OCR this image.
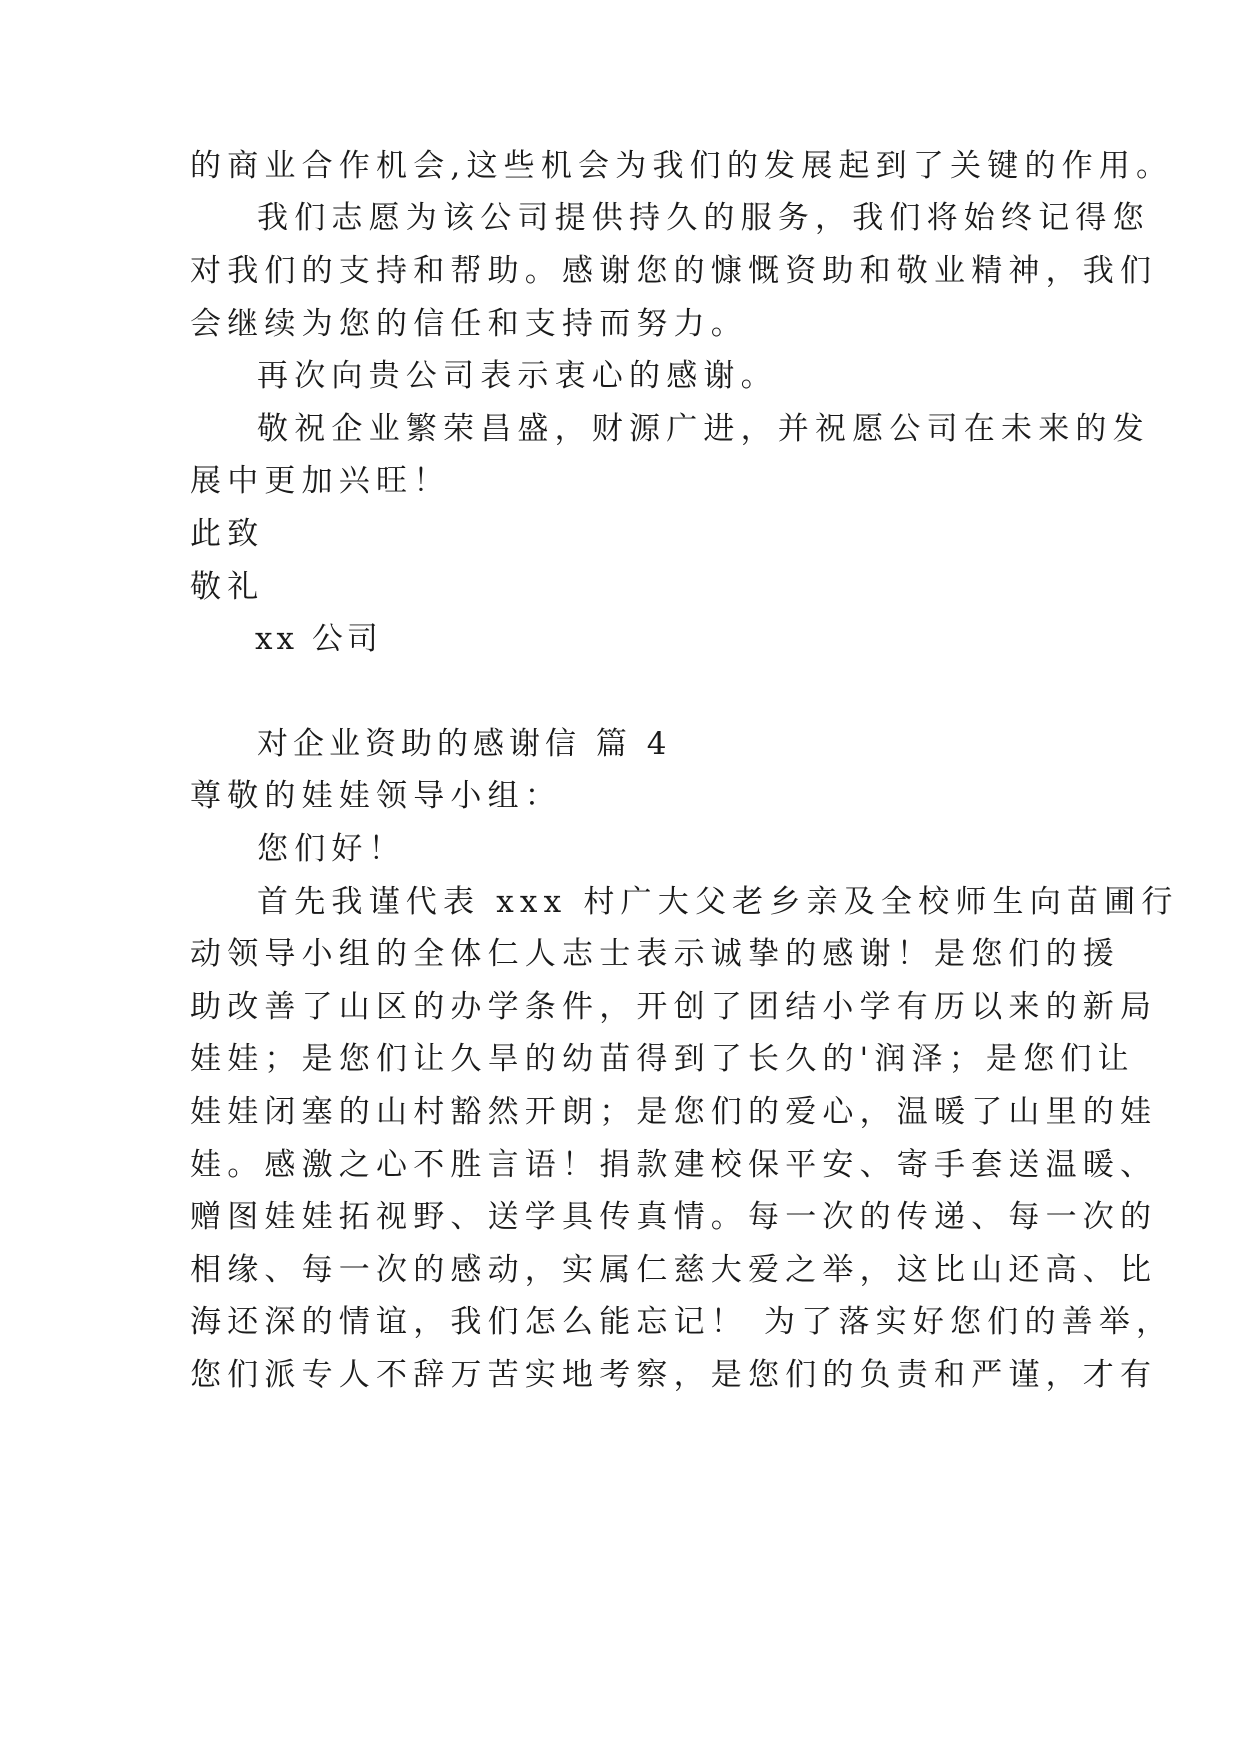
的商业合作机会,这些机会为我们的发展起到了关键的作用。
我们志愿为该公司提供持久的服务，我们将始终记得您
对我们的支持和帮助。感谢您的慷慨资助和敬业精神，我们
会继续为您的信任和支持而努力。
再次向贵公司表示衷心的感谢。
敬祝企业繁荣昌盛，财源广进，并祝愿公司在未来的发
展中更加兴旺！
此致
敬礼
xx 公司
对企业资助的感谢信 篇 4
尊敬的娃娃领导小组：
您们好！
首先我谨代表 xxx 村广大父老乡亲及全校师生向苗圃行
动领导小组的全体仁人志士表示诚挚的感谢！是您们的援
助改善了山区的办学条件，开创了团结小学有历以来的新局
娃娃；是您们让久旱的幼苗得到了长久的'润泽；是您们让
娃娃闭塞的山村豁然开朗；是您们的爱心，温暖了山里的娃
娃。感激之心不胜言语！捐款建校保平安、寄手套送温暖、
赠图娃娃拓视野、送学具传真情。每一次的传递、每一次的
相缘、每一次的感动，实属仁慈大爱之举，这比山还高、比
海还深的情谊，我们怎么能忘记！ 为了落实好您们的善举，
您们派专人不辞万苦实地考察，是您们的负责和严谨，才有
